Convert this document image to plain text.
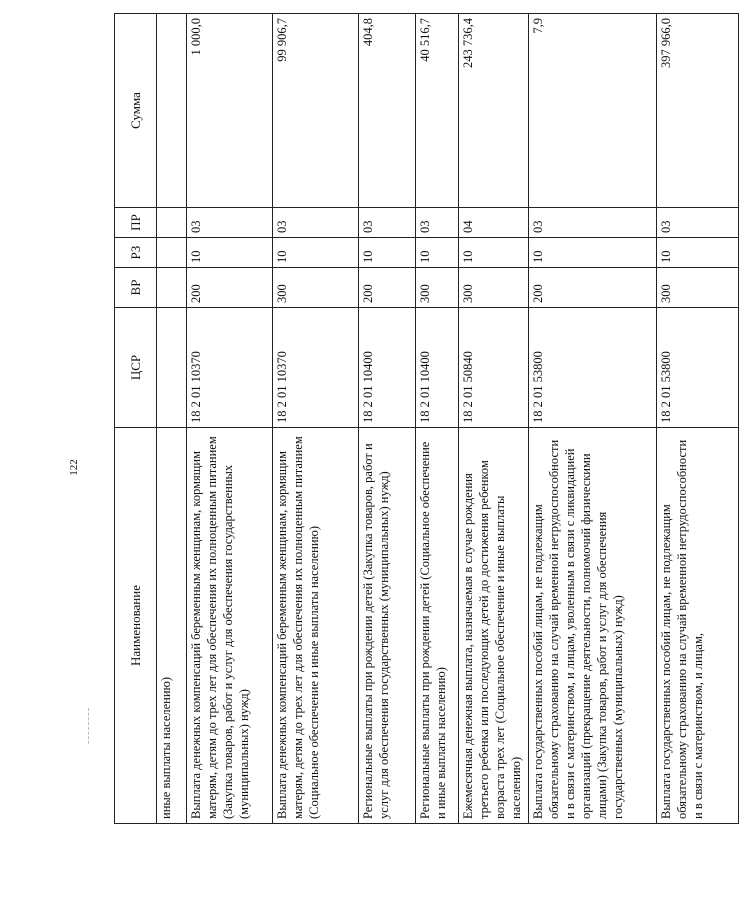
122
Наименование	ЦСР	ВР	РЗ	ПР	Сумма
иные выплаты населению)					
Выплата денежных компенсаций беременным женщинам, кормящим матерям, детям до трех лет для обеспечения их полноценным питанием (Закупка товаров, работ и услуг для обеспечения государственных (муниципальных) нужд)	18 2 01 10370	200	10	03	1 000,0
Выплата денежных компенсаций беременным женщинам, кормящим матерям, детям до трех лет для обеспечения их полноценным питанием (Социальное обеспечение и иные выплаты населению)	18 2 01 10370	300	10	03	99 906,7
Региональные выплаты при рождении детей (Закупка товаров, работ и услуг для обеспечения государственных (муниципальных) нужд)	18 2 01 10400	200	10	03	404,8
Региональные выплаты при рождении детей (Социальное обеспечение и иные выплаты населению)	18 2 01 10400	300	10	03	40 516,7
Ежемесячная денежная выплата, назначаемая в случае рождения третьего ребенка или последующих детей до достижения ребенком возраста трех лет (Социальное обеспечение и иные выплаты населению)	18 2 01 50840	300	10	04	243 736,4
Выплата государственных пособий лицам, не подлежащим обязательному страхованию на случай временной нетрудоспособности и в связи с материнством, и лицам, уволенным в связи с ликвидацией организаций (прекращение деятельности, полномочий физическими лицами) (Закупка товаров, работ и услуг для обеспечения государственных (муниципальных) нужд)	18 2 01 53800	200	10	03	7,9
Выплата государственных пособий лицам, не подлежащим обязательному страхованию на случай временной нетрудоспособности и в связи с материнством, и лицам,	18 2 01 53800	300	10	03	397 966,0
